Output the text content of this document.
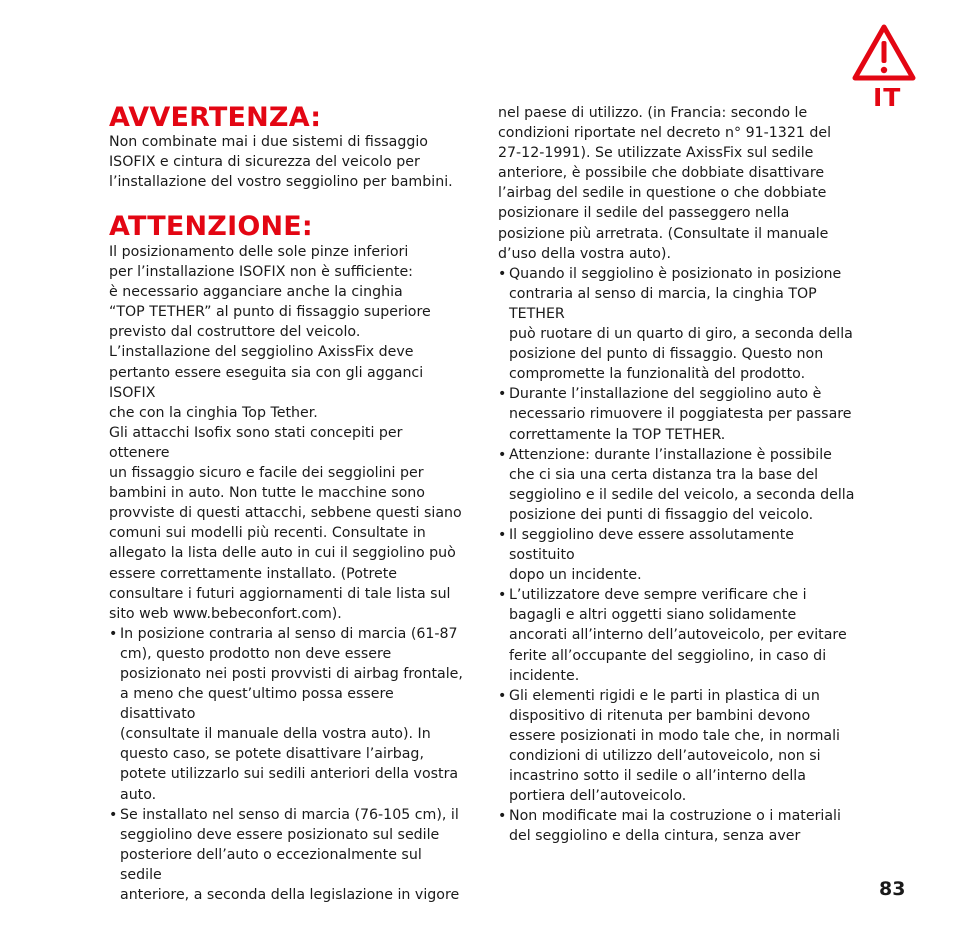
IT
AVVERTENZA:
Non combinate mai i due sistemi di fissaggio
ISOFIX e cintura di sicurezza del veicolo per
l’installazione del vostro seggiolino per bambini.
ATTENZIONE:
Il posizionamento delle sole pinze inferiori
per l’installazione ISOFIX non è sufficiente:
è necessario agganciare anche la cinghia
“TOP TETHER” al punto di fissaggio superiore
previsto dal costruttore del veicolo.
L’installazione del seggiolino AxissFix deve
pertanto essere eseguita sia con gli agganci ISOFIX
che con la cinghia Top Tether.
Gli attacchi Isofix sono stati concepiti per ottenere
un fissaggio sicuro e facile dei seggiolini per
bambini in auto. Non tutte le macchine sono
provviste di questi attacchi, sebbene questi siano
comuni sui modelli più recenti. Consultate in
allegato la lista delle auto in cui il seggiolino può
essere correttamente installato. (Potrete
consultare i futuri aggiornamenti di tale lista sul
sito web www.bebeconfort.com).
• In posizione contraria al senso di marcia (61-87
cm), questo prodotto non deve essere
posizionato nei posti provvisti di airbag frontale,
a meno che quest’ultimo possa essere disattivato
(consultate il manuale della vostra auto). In
questo caso, se potete disattivare l’airbag,
potete utilizzarlo sui sedili anteriori della vostra
auto.
• Se installato nel senso di marcia (76-105 cm), il
seggiolino deve essere posizionato sul sedile
posteriore dell’auto o eccezionalmente sul sedile
anteriore, a seconda della legislazione in vigore
nel paese di utilizzo. (in Francia: secondo le
condizioni riportate nel decreto n° 91-1321 del
27-12-1991). Se utilizzate AxissFix sul sedile
anteriore, è possibile che dobbiate disattivare
l’airbag del sedile in questione o che dobbiate
posizionare il sedile del passeggero nella
posizione più arretrata. (Consultate il manuale
d’uso della vostra auto).
• Quando il seggiolino è posizionato in posizione
contraria al senso di marcia, la cinghia TOP TETHER
può ruotare di un quarto di giro, a seconda della
posizione del punto di fissaggio. Questo non
compromette la funzionalità del prodotto.
• Durante l’installazione del seggiolino auto è
necessario rimuovere il poggiatesta per passare
correttamente la TOP TETHER.
• Attenzione: durante l’installazione è possibile
che ci sia una certa distanza tra la base del
seggiolino e il sedile del veicolo, a seconda della
posizione dei punti di fissaggio del veicolo.
• Il seggiolino deve essere assolutamente sostituito
dopo un incidente.
• L’utilizzatore deve sempre verificare che i
bagagli e altri oggetti siano solidamente
ancorati all’interno dell’autoveicolo, per evitare
ferite all’occupante del seggiolino, in caso di
incidente.
• Gli elementi rigidi e le parti in plastica di un
dispositivo di ritenuta per bambini devono
essere posizionati in modo tale che, in normali
condizioni di utilizzo dell’autoveicolo, non si
incastrino sotto il sedile o all’interno della
portiera dell’autoveicolo.
• Non modificate mai la costruzione o i materiali
del seggiolino e della cintura, senza aver
83
